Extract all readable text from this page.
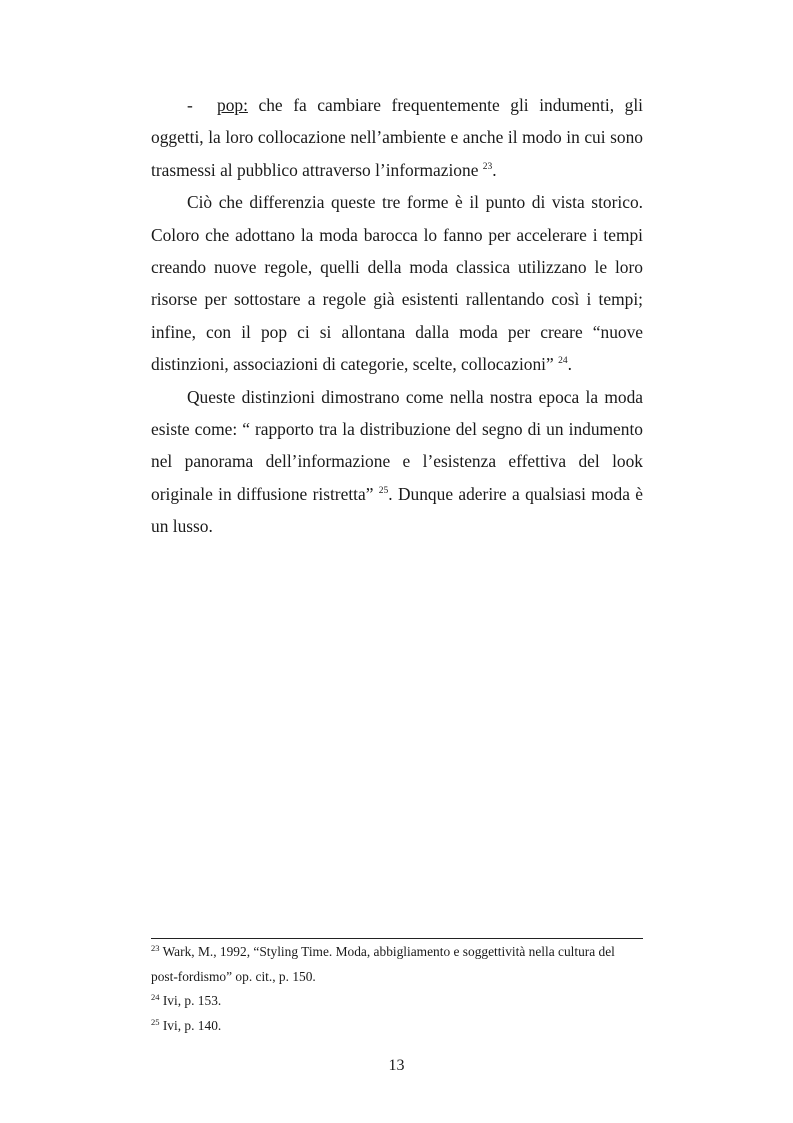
- pop: che fa cambiare frequentemente gli indumenti, gli oggetti, la loro collocazione nell’ambiente e anche il modo in cui sono trasmessi al pubblico attraverso l’informazione $^{23}$.

Ciò che differenzia queste tre forme è il punto di vista storico. Coloro che adottano la moda barocca lo fanno per accelerare i tempi creando nuove regole, quelli della moda classica utilizzano le loro risorse per sottostare a regole già esistenti rallentando così i tempi; infine, con il pop ci si allontana dalla moda per creare “nuove distinzioni, associazioni di categorie, scelte, collocazioni” $^{24}$.

Queste distinzioni dimostrano come nella nostra epoca la moda esiste come: “ rapporto tra la distribuzione del segno di un indumento nel panorama dell’informazione e l’esistenza effettiva del look originale in diffusione ristretta” $^{25}$. Dunque aderire a qualsiasi moda è un lusso.

$^{23}$ Wark, M., 1992, “Styling Time. Moda, abbigliamento e soggettività nella cultura del post-fordismo” op. cit., p. 150.

$^{24}$ Ivi, p. 153.

$^{25}$ Ivi, p. 140.

13
